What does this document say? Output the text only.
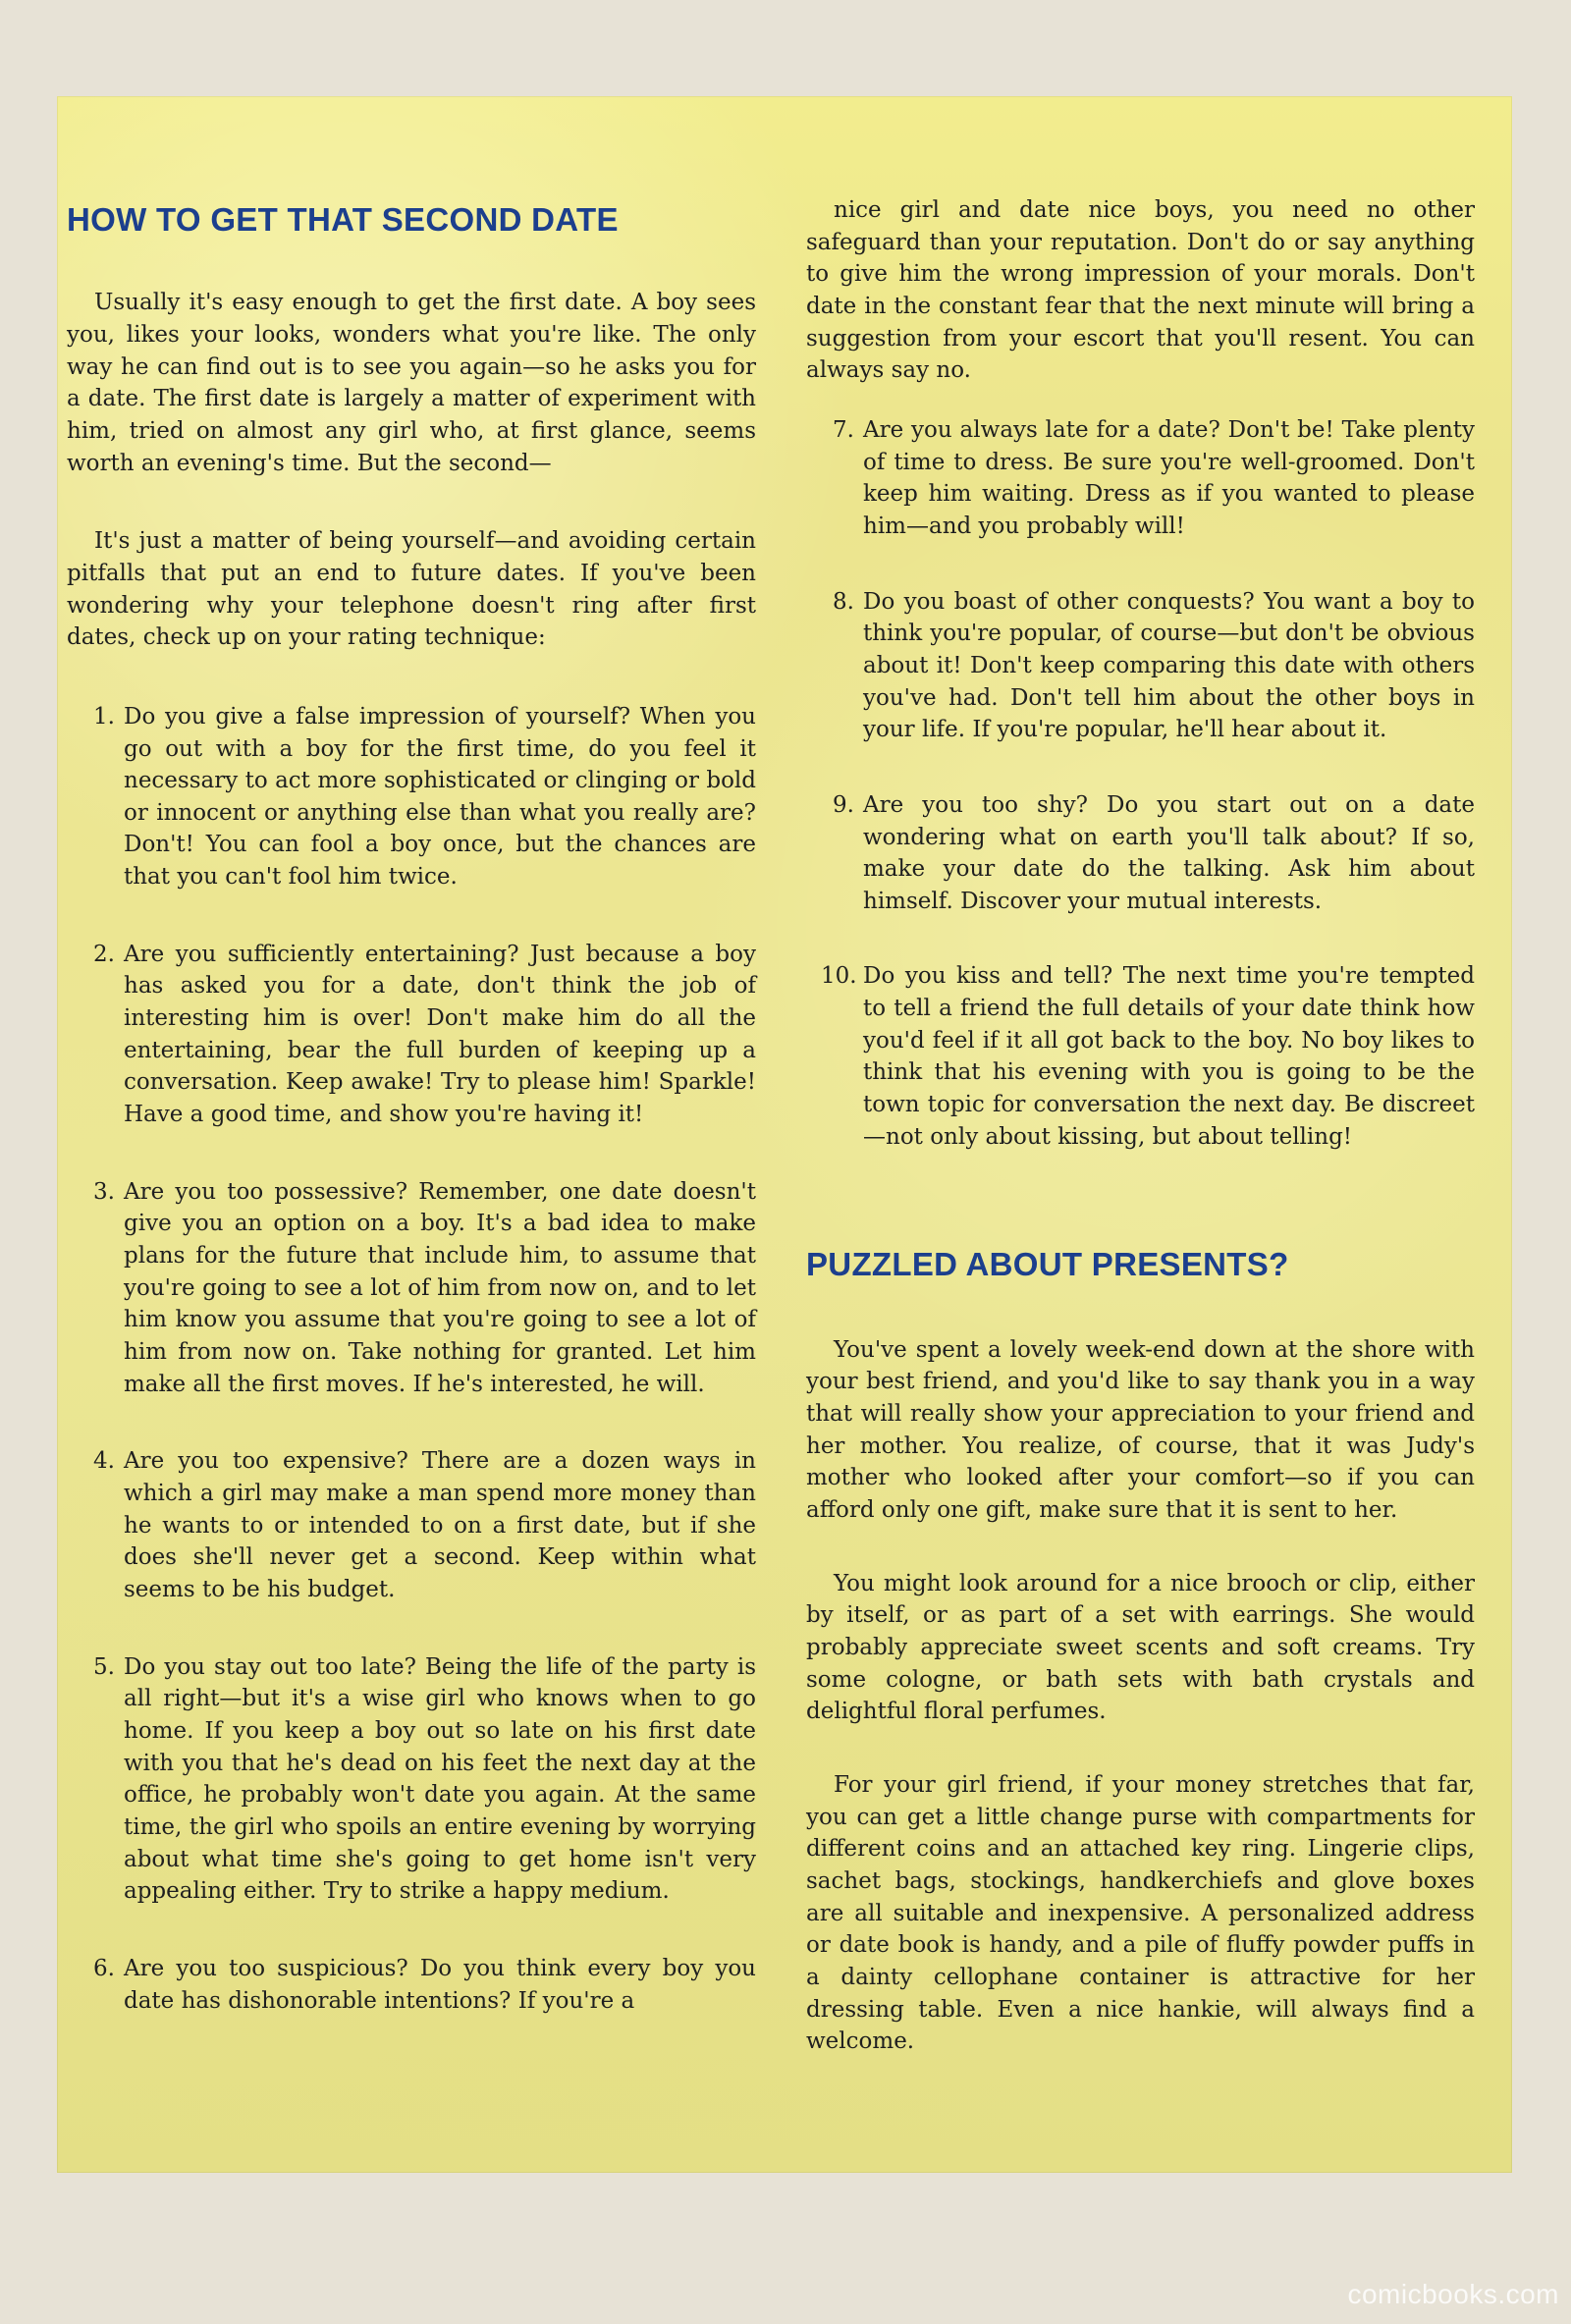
HOW TO GET THAT SECOND DATE

Usually it's easy enough to get the first date. A boy sees you, likes your looks, wonders what you're like. The only way he can find out is to see you again—so he asks you for a date. The first date is largely a matter of experiment with him, tried on almost any girl who, at first glance, seems worth an evening's time. But the second—

It's just a matter of being yourself—and avoiding certain pitfalls that put an end to future dates. If you've been wondering why your telephone doesn't ring after first dates, check up on your rating technique:

1. Do you give a false impression of yourself? When you go out with a boy for the first time, do you feel it necessary to act more sophisticated or clinging or bold or innocent or anything else than what you really are? Don't! You can fool a boy once, but the chances are that you can't fool him twice.
2. Are you sufficiently entertaining? Just because a boy has asked you for a date, don't think the job of interesting him is over! Don't make him do all the entertaining, bear the full burden of keeping up a conversation. Keep awake! Try to please him! Sparkle! Have a good time, and show you're having it!
3. Are you too possessive? Remember, one date doesn't give you an option on a boy. It's a bad idea to make plans for the future that include him, to assume that you're going to see a lot of him from now on, and to let him know you assume that you're going to see a lot of him from now on. Take nothing for granted. Let him make all the first moves. If he's interested, he will.
4. Are you too expensive? There are a dozen ways in which a girl may make a man spend more money than he wants to or intended to on a first date, but if she does she'll never get a second. Keep within what seems to be his budget.
5. Do you stay out too late? Being the life of the party is all right—but it's a wise girl who knows when to go home. If you keep a boy out so late on his first date with you that he's dead on his feet the next day at the office, he probably won't date you again. At the same time, the girl who spoils an entire evening by worrying about what time she's going to get home isn't very appealing either. Try to strike a happy medium.
6. Are you too suspicious? Do you think every boy you date has dishonorable intentions? If you're a

nice girl and date nice boys, you need no other safeguard than your reputation. Don't do or say anything to give him the wrong impression of your morals. Don't date in the constant fear that the next minute will bring a suggestion from your escort that you'll resent. You can always say no.

7. Are you always late for a date? Don't be! Take plenty of time to dress. Be sure you're well-groomed. Don't keep him waiting. Dress as if you wanted to please him—and you probably will!
8. Do you boast of other conquests? You want a boy to think you're popular, of course—but don't be obvious about it! Don't keep comparing this date with others you've had. Don't tell him about the other boys in your life. If you're popular, he'll hear about it.
9. Are you too shy? Do you start out on a date wondering what on earth you'll talk about? If so, make your date do the talking. Ask him about himself. Discover your mutual interests.
10. Do you kiss and tell? The next time you're tempted to tell a friend the full details of your date think how you'd feel if it all got back to the boy. No boy likes to think that his evening with you is going to be the town topic for conversation the next day. Be discreet—not only about kissing, but about telling!
PUZZLED ABOUT PRESENTS?

You've spent a lovely week-end down at the shore with your best friend, and you'd like to say thank you in a way that will really show your appreciation to your friend and her mother. You realize, of course, that it was Judy's mother who looked after your comfort—so if you can afford only one gift, make sure that it is sent to her.

You might look around for a nice brooch or clip, either by itself, or as part of a set with earrings. She would probably appreciate sweet scents and soft creams. Try some cologne, or bath sets with bath crystals and delightful floral perfumes.

For your girl friend, if your money stretches that far, you can get a little change purse with compartments for different coins and an attached key ring. Lingerie clips, sachet bags, stockings, handkerchiefs and glove boxes are all suitable and inexpensive. A personalized address or date book is handy, and a pile of fluffy powder puffs in a dainty cellophane container is attractive for her dressing table. Even a nice hankie, will always find a welcome.

comicbooks.com
